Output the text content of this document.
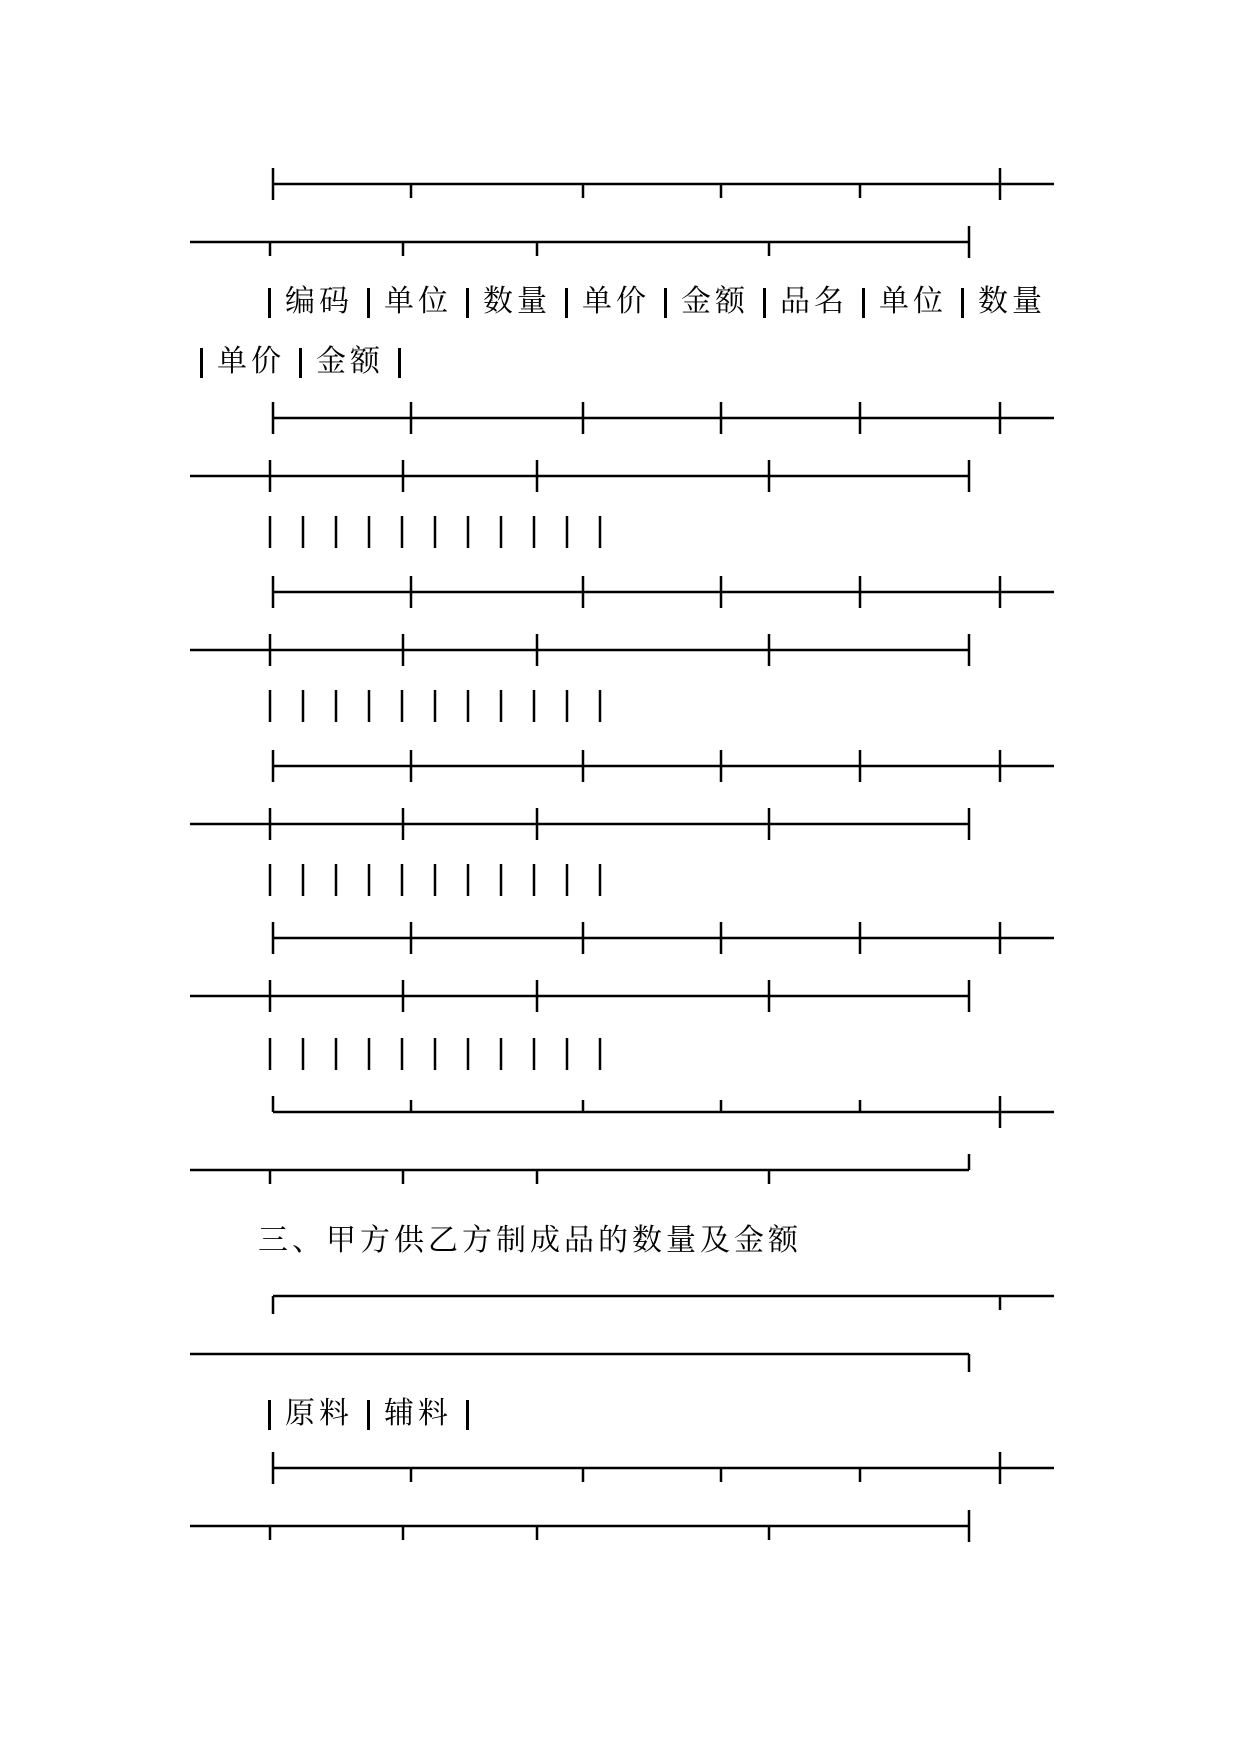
编码 单位 数量 单价 金额 品名 单位 数量
单价 金额
三、甲方供乙方制成品的数量及金额
原料 辅料
